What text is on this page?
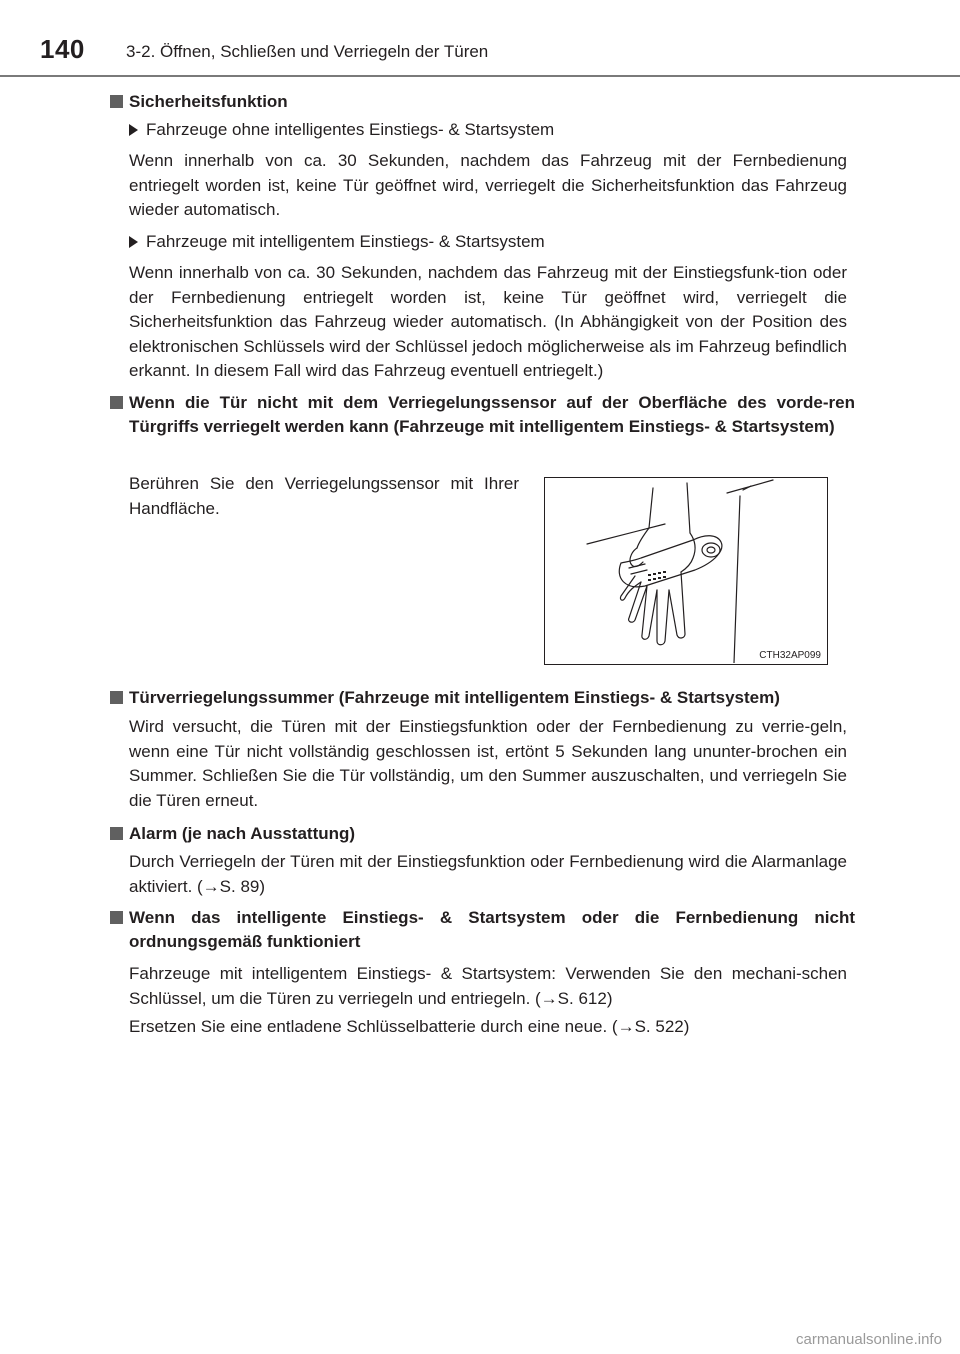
140 3-2. Öffnen, Schließen und Verriegeln der Türen
Sicherheitsfunktion
Fahrzeuge ohne intelligentes Einstiegs- & Startsystem
Wenn innerhalb von ca. 30 Sekunden, nachdem das Fahrzeug mit der Fernbedienung entriegelt worden ist, keine Tür geöffnet wird, verriegelt die Sicherheitsfunktion das Fahrzeug wieder automatisch.
Fahrzeuge mit intelligentem Einstiegs- & Startsystem
Wenn innerhalb von ca. 30 Sekunden, nachdem das Fahrzeug mit der Einstiegsfunk-tion oder der Fernbedienung entriegelt worden ist, keine Tür geöffnet wird, verriegelt die Sicherheitsfunktion das Fahrzeug wieder automatisch. (In Abhängigkeit von der Position des elektronischen Schlüssels wird der Schlüssel jedoch möglicherweise als im Fahrzeug befindlich erkannt. In diesem Fall wird das Fahrzeug eventuell entriegelt.)
Wenn die Tür nicht mit dem Verriegelungssensor auf der Oberfläche des vorde-ren Türgriffs verriegelt werden kann (Fahrzeuge mit intelligentem Einstiegs- & Startsystem)
Berühren Sie den Verriegelungssensor mit Ihrer Handfläche.
CTH32AP099
Türverriegelungssummer (Fahrzeuge mit intelligentem Einstiegs- & Startsystem)
Wird versucht, die Türen mit der Einstiegsfunktion oder der Fernbedienung zu verrie-geln, wenn eine Tür nicht vollständig geschlossen ist, ertönt 5 Sekunden lang ununter-brochen ein Summer. Schließen Sie die Tür vollständig, um den Summer auszuschalten, und verriegeln Sie die Türen erneut.
Alarm (je nach Ausstattung)
Durch Verriegeln der Türen mit der Einstiegsfunktion oder Fernbedienung wird die Alarmanlage aktiviert. (→S. 89)
Wenn das intelligente Einstiegs- & Startsystem oder die Fernbedienung nicht ordnungsgemäß funktioniert
Fahrzeuge mit intelligentem Einstiegs- & Startsystem: Verwenden Sie den mechani-schen Schlüssel, um die Türen zu verriegeln und entriegeln. (→S. 612)
Ersetzen Sie eine entladene Schlüsselbatterie durch eine neue. (→S. 522)
carmanualsonline.info
